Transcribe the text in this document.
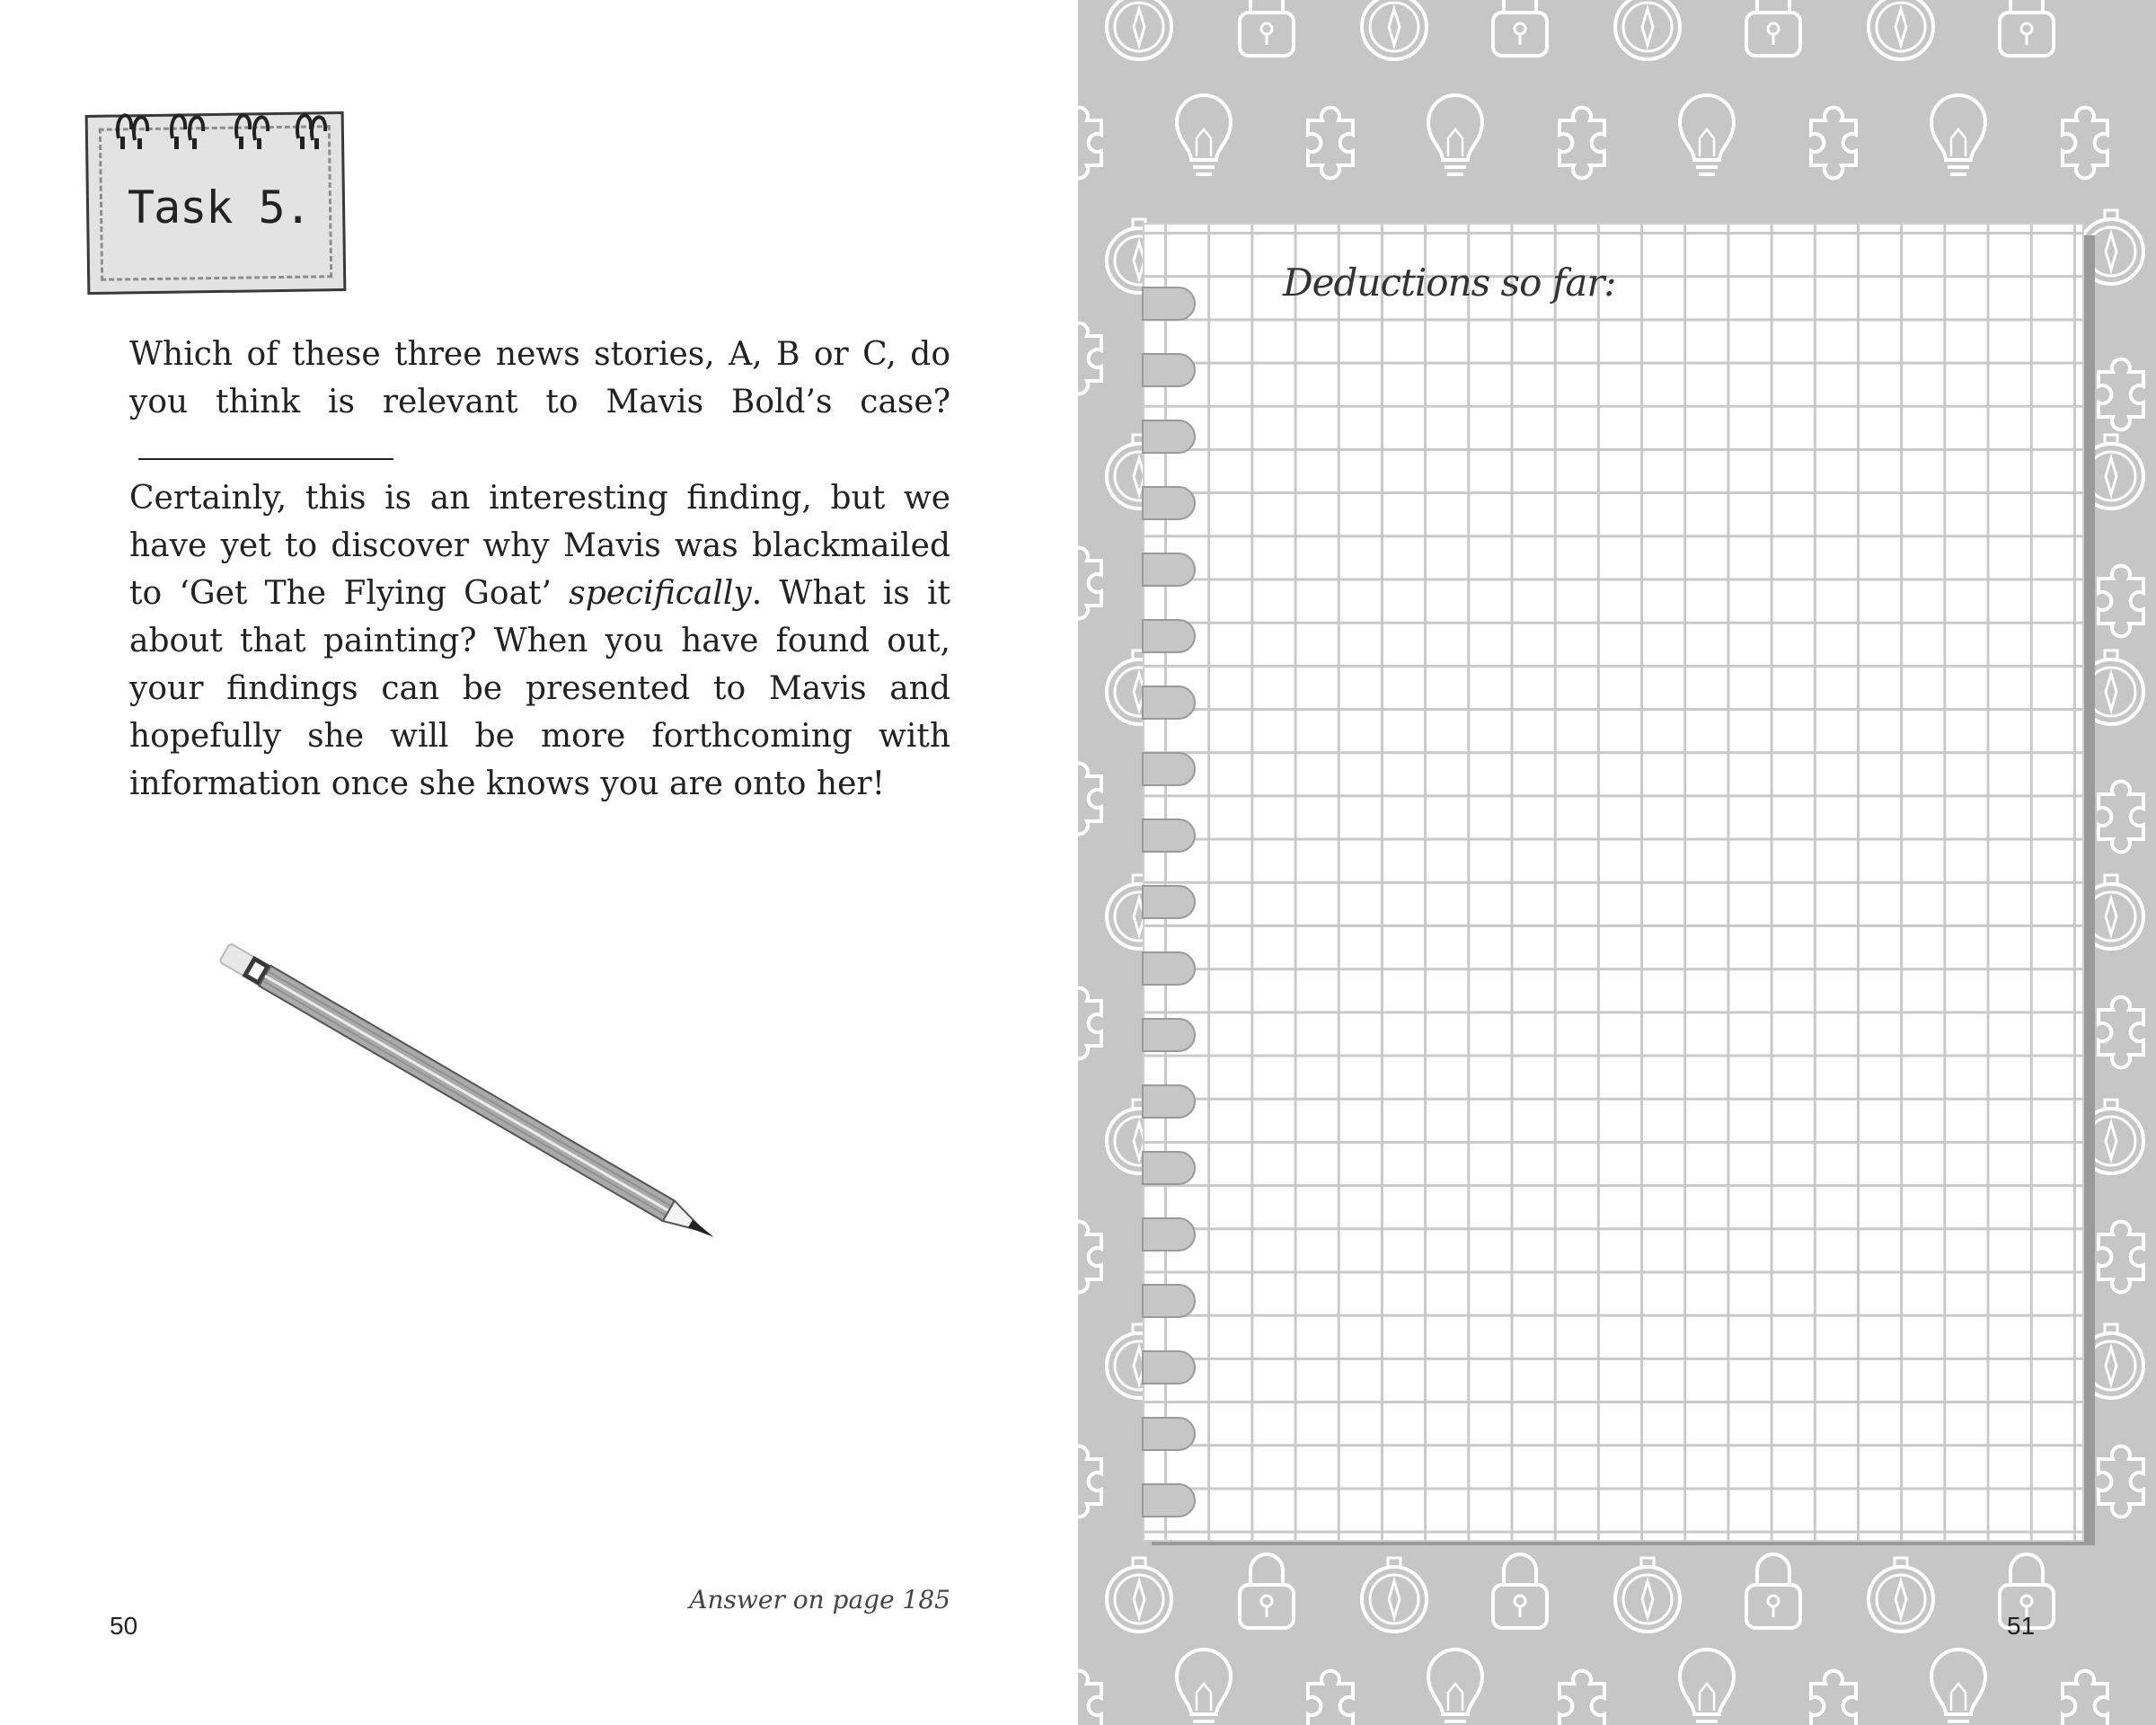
Task 5.
Which of these three news stories, A, B or C, do you think is relevant to Mavis Bold’s case?
Certainly, this is an interesting finding, but we have yet to discover why Mavis was blackmailed to ‘Get The Flying Goat’ specifically. What is it about that painting? When you have found out, your findings can be presented to Mavis and hopefully she will be more forthcoming with information once she knows you are onto her!
Answer on page 185
50
Deductions so far:
51
